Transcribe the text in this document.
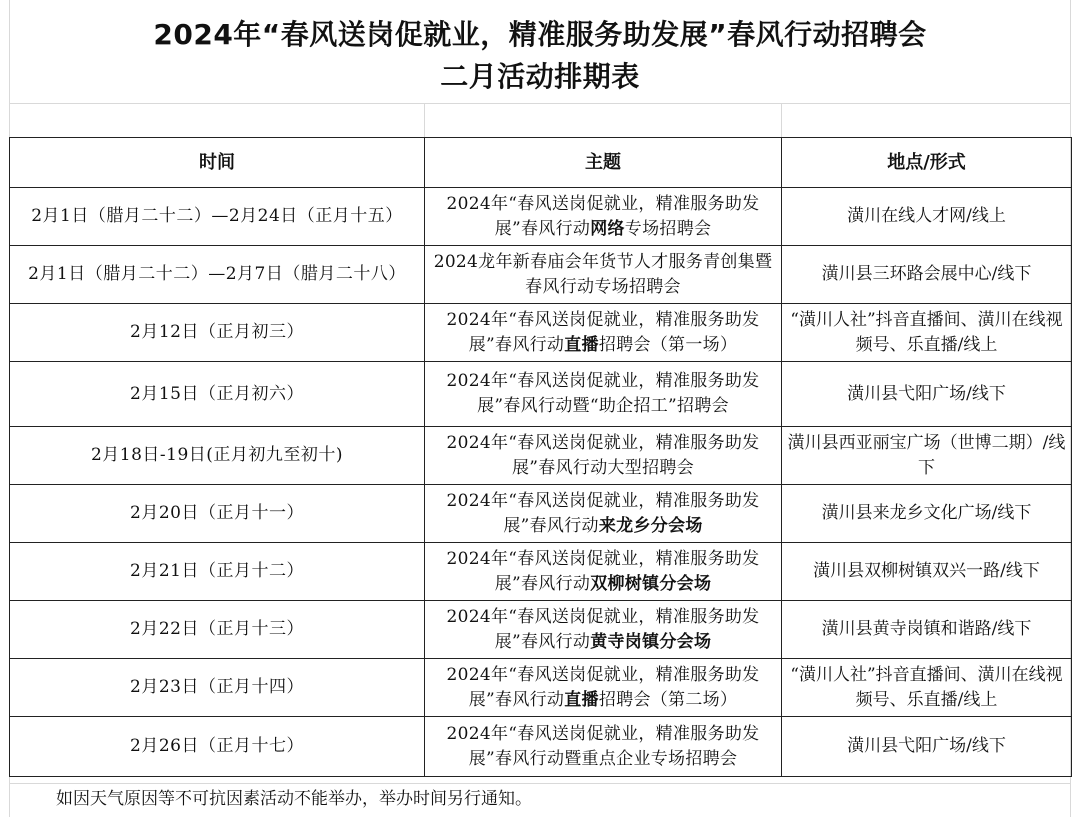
2024年“春风送岗促就业，精准服务助发展”春风行动招聘会
二月活动排期表
时间	主题	地点/形式
2月1日（腊月二十二）—2月24日（正月十五）	2024年“春风送岗促就业，精准服务助发展”春风行动网络专场招聘会	潢川在线人才网/线上
2月1日（腊月二十二）—2月7日（腊月二十八）	2024龙年新春庙会年货节人才服务青创集暨春风行动专场招聘会	潢川县三环路会展中心/线下
2月12日（正月初三）	2024年“春风送岗促就业，精准服务助发展”春风行动直播招聘会（第一场）	“潢川人社”抖音直播间、潢川在线视频号、乐直播/线上
2月15日（正月初六）	2024年“春风送岗促就业，精准服务助发展”春风行动暨“助企招工”招聘会	潢川县弋阳广场/线下
2月18日-19日(正月初九至初十)	2024年“春风送岗促就业，精准服务助发展”春风行动大型招聘会	潢川县西亚丽宝广场（世博二期）/线下
2月20日（正月十一）	2024年“春风送岗促就业，精准服务助发展”春风行动来龙乡分会场	潢川县来龙乡文化广场/线下
2月21日（正月十二）	2024年“春风送岗促就业，精准服务助发展”春风行动双柳树镇分会场	潢川县双柳树镇双兴一路/线下
2月22日（正月十三）	2024年“春风送岗促就业，精准服务助发展”春风行动黄寺岗镇分会场	潢川县黄寺岗镇和谐路/线下
2月23日（正月十四）	2024年“春风送岗促就业，精准服务助发展”春风行动直播招聘会（第二场）	“潢川人社”抖音直播间、潢川在线视频号、乐直播/线上
2月26日（正月十七）	2024年“春风送岗促就业，精准服务助发展”春风行动暨重点企业专场招聘会	潢川县弋阳广场/线下
如因天气原因等不可抗因素活动不能举办，举办时间另行通知。
